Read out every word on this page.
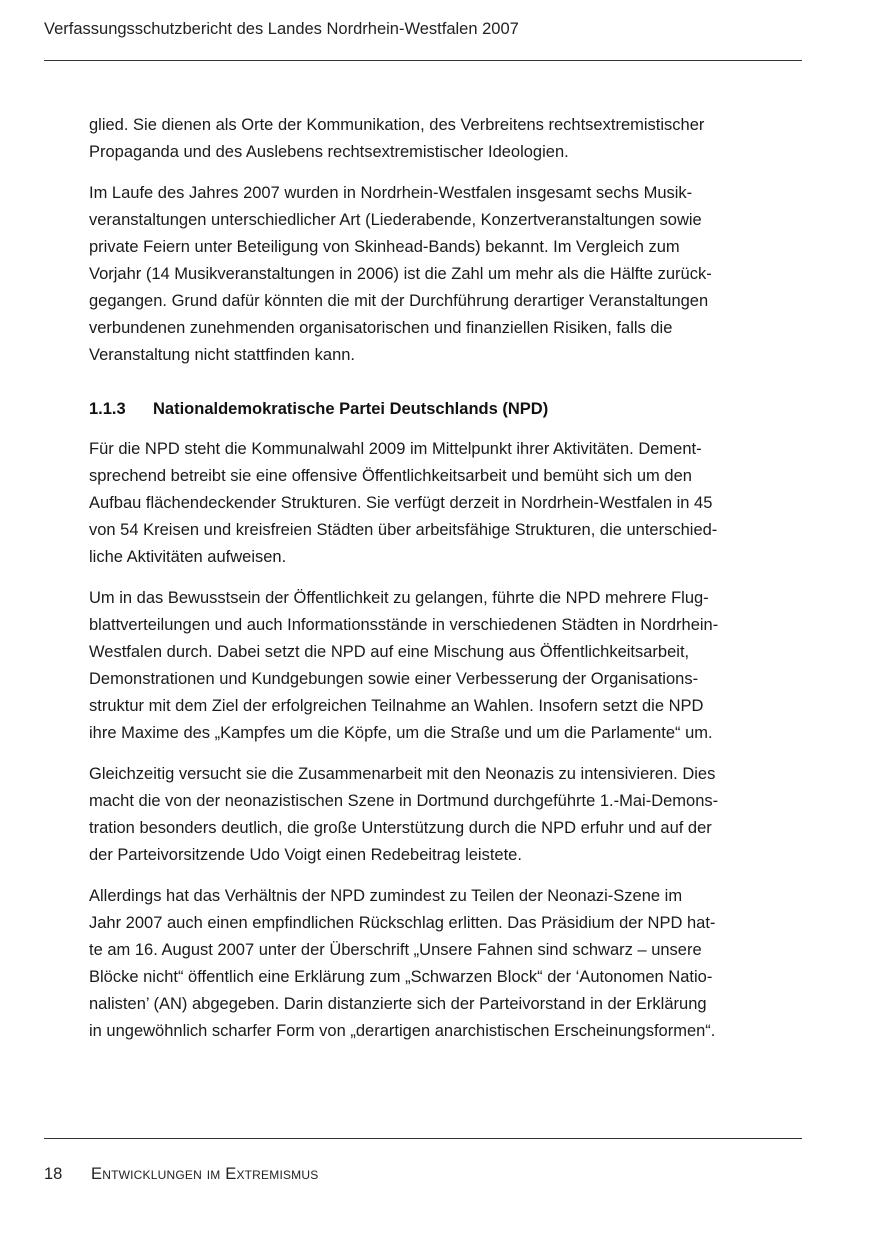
Verfassungsschutzbericht des Landes Nordrhein-Westfalen 2007

glied. Sie dienen als Orte der Kommunikation, des Verbreitens rechtsextremistischer
Propaganda und des Auslebens rechtsextremistischer Ideologien.

Im Laufe des Jahres 2007 wurden in Nordrhein-Westfalen insgesamt sechs Musik-
veranstaltungen unterschiedlicher Art (Liederabende, Konzertveranstaltungen sowie
private Feiern unter Beteiligung von Skinhead-Bands) bekannt. Im Vergleich zum
Vorjahr (14 Musikveranstaltungen in 2006) ist die Zahl um mehr als die Hälfte zurück-
gegangen. Grund dafür könnten die mit der Durchführung derartiger Veranstaltungen
verbundenen zunehmenden organisatorischen und finanziellen Risiken, falls die
Veranstaltung nicht stattfinden kann.

1.1.3	Nationaldemokratische Partei Deutschlands (NPD)

Für die NPD steht die Kommunalwahl 2009 im Mittelpunkt ihrer Aktivitäten. Dement-
sprechend betreibt sie eine offensive Öffentlichkeitsarbeit und bemüht sich um den
Aufbau flächendeckender Strukturen. Sie verfügt derzeit in Nordrhein-Westfalen in 45
von 54 Kreisen und kreisfreien Städten über arbeitsfähige Strukturen, die unterschied-
liche Aktivitäten aufweisen.

Um in das Bewusstsein der Öffentlichkeit zu gelangen, führte die NPD mehrere Flug-
blattverteilungen und auch Informationsstände in verschiedenen Städten in Nordrhein-
Westfalen durch. Dabei setzt die NPD auf eine Mischung aus Öffentlichkeitsarbeit,
Demonstrationen und Kundgebungen sowie einer Verbesserung der Organisations-
struktur mit dem Ziel der erfolgreichen Teilnahme an Wahlen. Insofern setzt die NPD
ihre Maxime des „Kampfes um die Köpfe, um die Straße und um die Parlamente“ um.

Gleichzeitig versucht sie die Zusammenarbeit mit den Neonazis zu intensivieren. Dies
macht die von der neonazistischen Szene in Dortmund durchgeführte 1.-Mai-Demons-
tration besonders deutlich, die große Unterstützung durch die NPD erfuhr und auf der
der Parteivorsitzende Udo Voigt einen Redebeitrag leistete.

Allerdings hat das Verhältnis der NPD zumindest zu Teilen der Neonazi-Szene im
Jahr 2007 auch einen empfindlichen Rückschlag erlitten. Das Präsidium der NPD hat-
te am 16. August 2007 unter der Überschrift „Unsere Fahnen sind schwarz – unsere
Blöcke nicht“ öffentlich eine Erklärung zum „Schwarzen Block“ der ‘Autonomen Natio-
nalisten’ (AN) abgegeben. Darin distanzierte sich der Parteivorstand in der Erklärung
in ungewöhnlich scharfer Form von „derartigen anarchistischen Erscheinungsformen“.

18	Entwicklungen im Extremismus
